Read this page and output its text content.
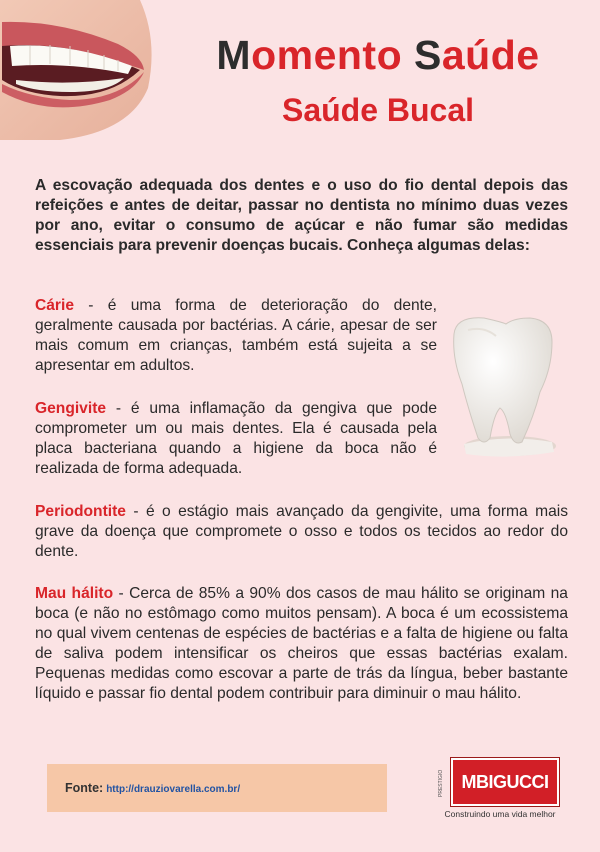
Momento Saúde
Saúde Bucal
A escovação adequada dos dentes e o uso do fio dental depois das refeições e antes de deitar, passar no dentista no mínimo duas vezes por ano, evitar o consumo de açúcar e não fumar são medidas essenciais para prevenir doenças bucais. Conheça algumas delas:
Cárie - é uma forma de deterioração do dente, geralmente causada por bactérias. A cárie, apesar de ser mais comum em crianças, também está sujeita a se apresentar em adultos.
Gengivite - é uma inflamação da gengiva que pode comprometer um ou mais dentes. Ela é causada pela placa bacteriana quando a higiene da boca não é realizada de forma adequada.
Periodontite - é o estágio mais avançado da gengivite, uma forma mais grave da doença que compromete o osso e todos os tecidos ao redor do dente.
Mau hálito - Cerca de 85% a 90% dos casos de mau hálito se originam na boca (e não no estômago como muitos pensam). A boca é um ecossistema no qual vivem centenas de espécies de bactérias e a falta de higiene ou falta de saliva podem intensificar os cheiros que essas bactérias exalam. Pequenas medidas como escovar a parte de trás da língua, beber bastante líquido e passar fio dental podem contribuir para diminuir o mau hálito.
Fonte: http://drauziovarella.com.br/	PRESTIGIO MBIGUCCI
Construindo uma vida melhor
